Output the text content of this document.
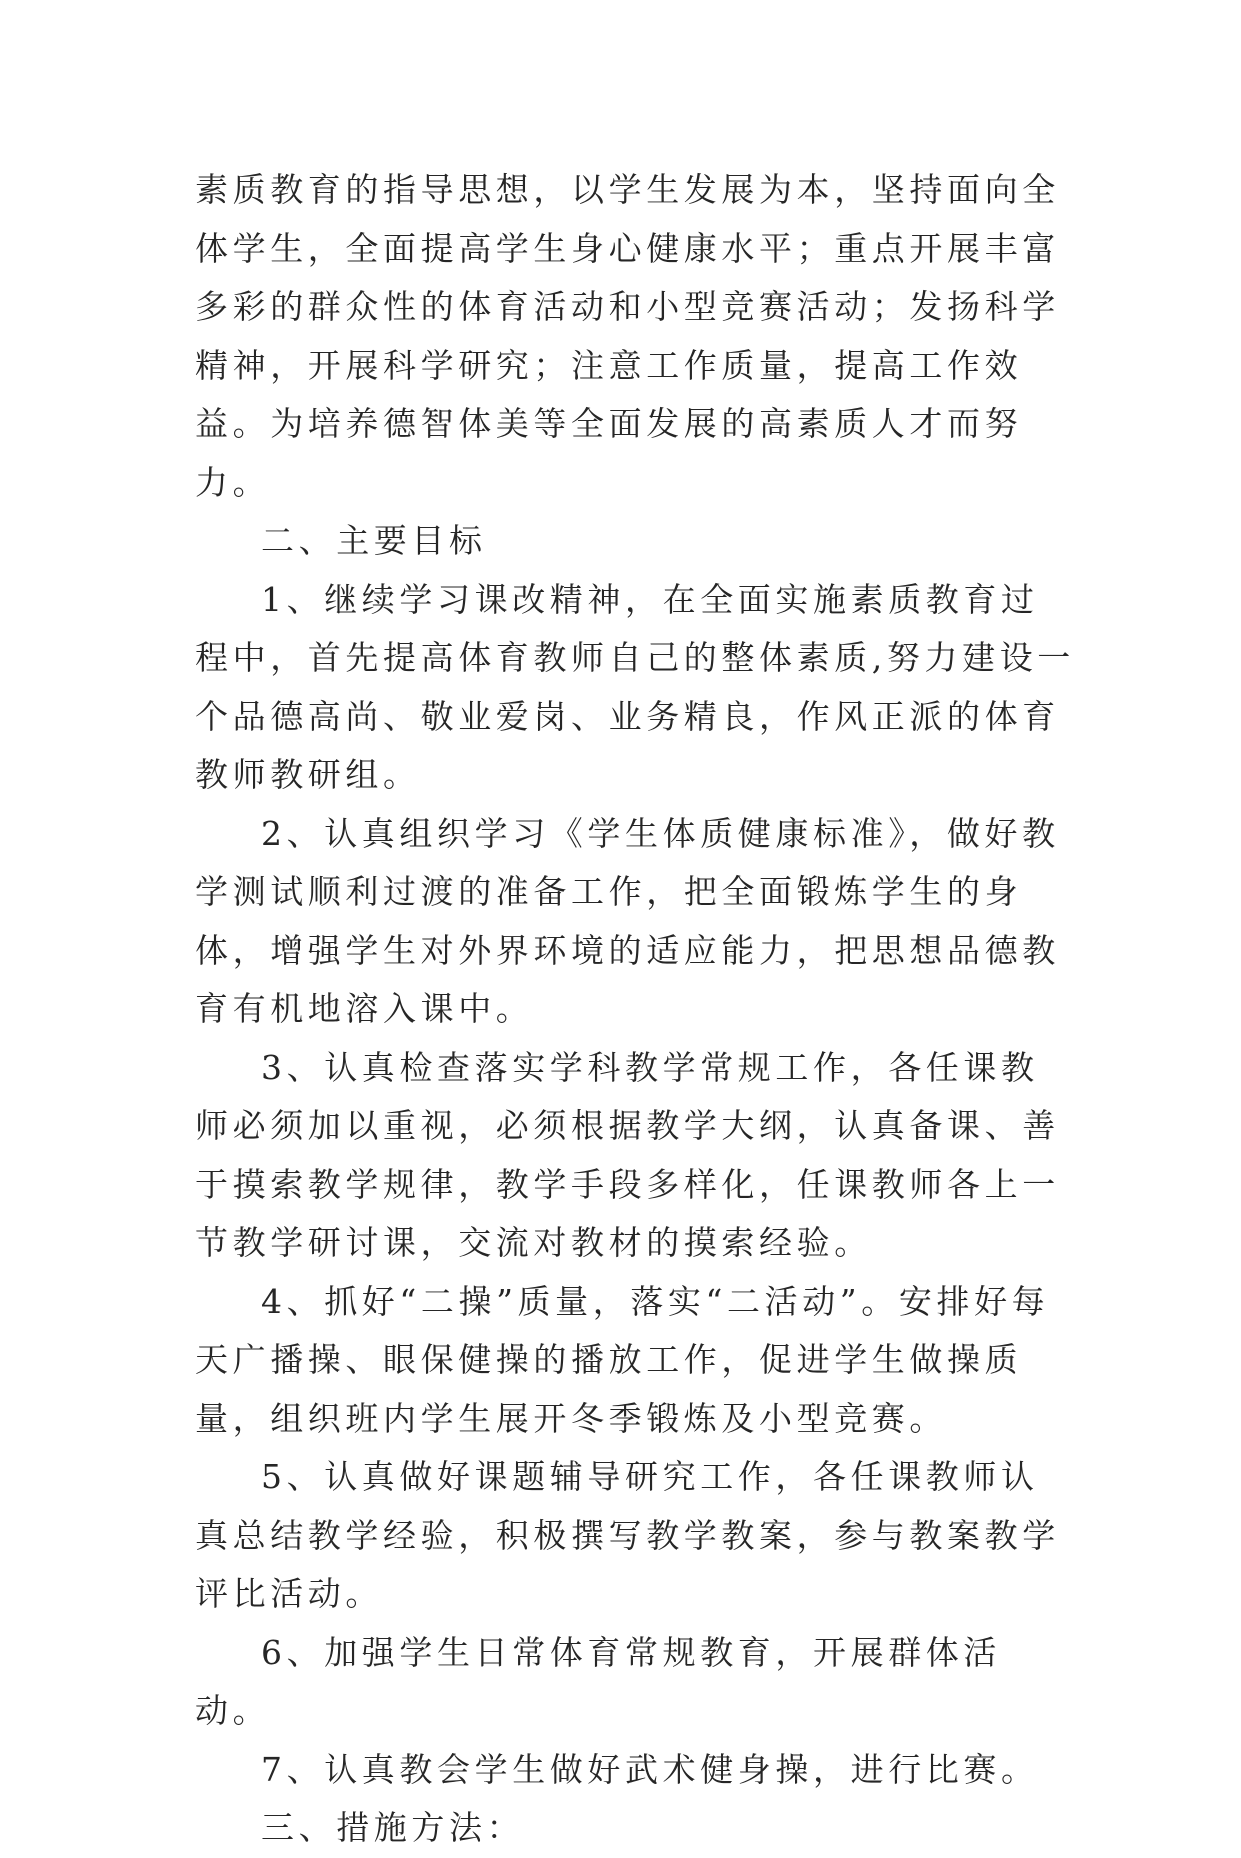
素质教育的指导思想，以学生发展为本，坚持面向全体学生，全面提高学生身心健康水平；重点开展丰富多彩的群众性的体育活动和小型竞赛活动；发扬科学精神，开展科学研究；注意工作质量，提高工作效益。为培养德智体美等全面发展的高素质人才而努力。

二、主要目标

1、继续学习课改精神，在全面实施素质教育过程中，首先提高体育教师自己的整体素质,努力建设一个品德高尚、敬业爱岗、业务精良，作风正派的体育教师教研组。

2、认真组织学习《学生体质健康标准》，做好教学测试顺利过渡的准备工作，把全面锻炼学生的身体，增强学生对外界环境的适应能力，把思想品德教育有机地溶入课中。

3、认真检查落实学科教学常规工作，各任课教师必须加以重视，必须根据教学大纲，认真备课、善于摸索教学规律，教学手段多样化，任课教师各上一节教学研讨课，交流对教材的摸索经验。

4、抓好“二操”质量，落实“二活动”。安排好每天广播操、眼保健操的播放工作，促进学生做操质量，组织班内学生展开冬季锻炼及小型竞赛。

5、认真做好课题辅导研究工作，各任课教师认真总结教学经验，积极撰写教学教案，参与教案教学评比活动。

6、加强学生日常体育常规教育，开展群体活动。

7、认真教会学生做好武术健身操，进行比赛。

三、措施方法：
